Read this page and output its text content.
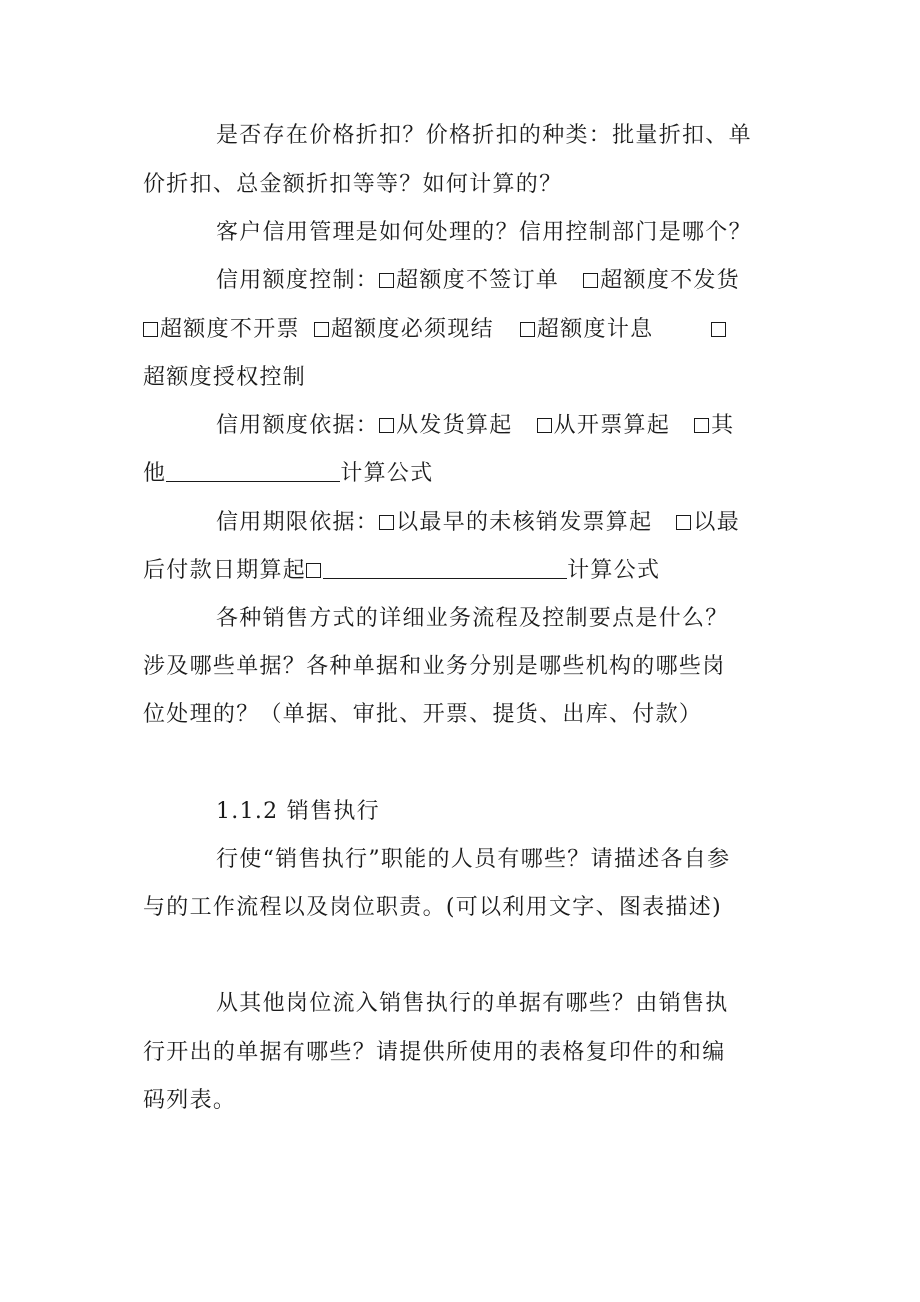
是否存在价格折扣？价格折扣的种类：批量折扣、单
价折扣、总金额折扣等等？如何计算的？
客户信用管理是如何处理的？信用控制部门是哪个？
信用额度控制： 超额度不签订单 超额度不发货
超额度不开票 超额度必须现结 超额度计息
超额度授权控制
信用额度依据： 从发货算起 从开票算起 其
他	计算公式
信用期限依据： 以最早的未核销发票算起 以最
后付款日期算起	计算公式
各种销售方式的详细业务流程及控制要点是什么？
涉及哪些单据？各种单据和业务分别是哪些机构的哪些岗
位处理的？（单据、审批、开票、提货、出库、付款）
1.1.2 销售执行
行使“销售执行”职能的人员有哪些？请描述各自参
与的工作流程以及岗位职责。(可以利用文字、图表描述)
从其他岗位流入销售执行的单据有哪些？由销售执
行开出的单据有哪些？请提供所使用的表格复印件的和编
码列表。
